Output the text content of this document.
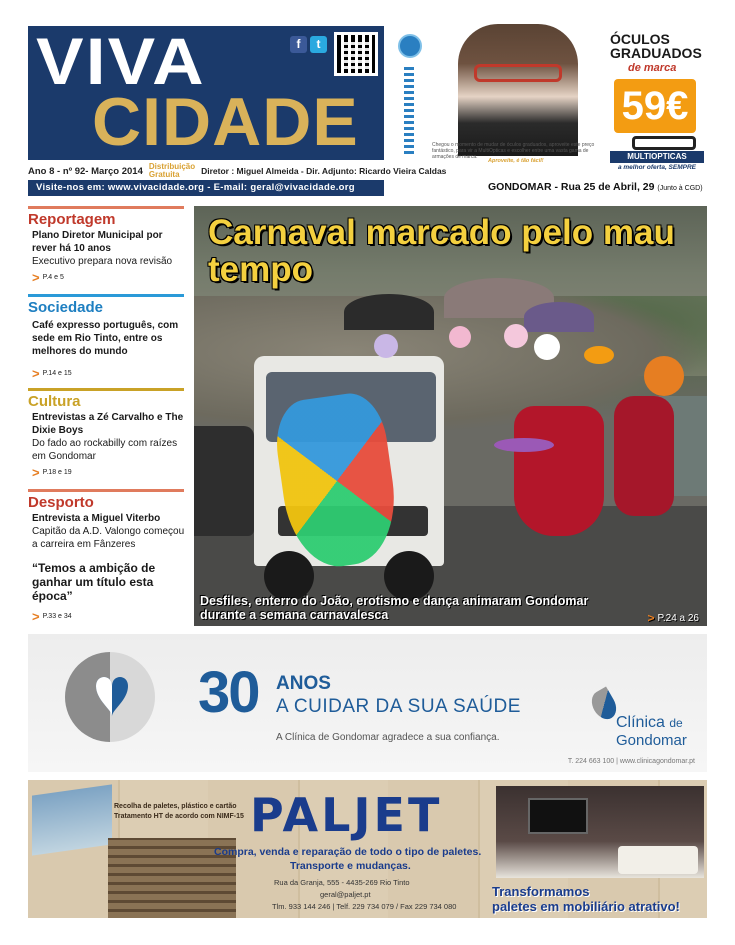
VIVA
CIDADE
f	t
Ano 8 - nº 92- Março 2014 Distribuição
Gratuita	Diretor : Miguel Almeida - Dir. Adjunto: Ricardo Vieira Caldas
Visite-nos em: www.vivacidade.org - E-mail: geral@vivacidade.org
Chegou o momento de mudar de óculos graduados, aproveite este preço fantástico, para vir a MultiOpticas e escolher entre uma vasta gama de armações de marca.
Aproveite, é tão fácil!
ÓCULOS GRADUADOS
de marca
59€
MULTIOPTICAS
a melhor oferta, SEMPRE
GONDOMAR - Rua 25 de Abril, 29 (Junto à CGD)
Reportagem
Plano Diretor Municipal por rever há 10 anos
Executivo prepara nova revisão
> P.4 e 5
Sociedade
Café expresso português, com sede em Rio Tinto, entre os melhores do mundo
> P.14 e 15
Cultura
Entrevistas a Zé Carvalho e The Dixie Boys
Do fado ao rockabilly com raízes em Gondomar
> P.18 e 19
Desporto
Entrevista a Miguel Viterbo
Capitão da A.D. Valongo começou a carreira em Fânzeres
“Temos a ambição de ganhar um título esta época”
> P.33 e 34
Carnaval marcado pelo mau tempo
Desfiles, enterro do João, erotismo e dança animaram Gondomar durante a semana carnavalesca	> P.24 a 26
30 ANOS
A CUIDAR DA SUA SAÚDE
A Clínica de Gondomar agradece a sua confiança.
Clínica de
Gondomar
T. 224 663 100 | www.clinicagondomar.pt
Recolha de paletes, plástico e cartão
Tratamento HT de acordo com NIMF-15 PALJET
Compra, venda e reparação de todo o tipo de paletes.
Transporte e mudanças.
Rua da Granja, 555 - 4435-269 Rio Tinto
geral@paljet.pt
Tlm. 933 144 246 | Telf. 229 734 079 / Fax 229 734 080
Transformamos
paletes em mobiliário atrativo!
